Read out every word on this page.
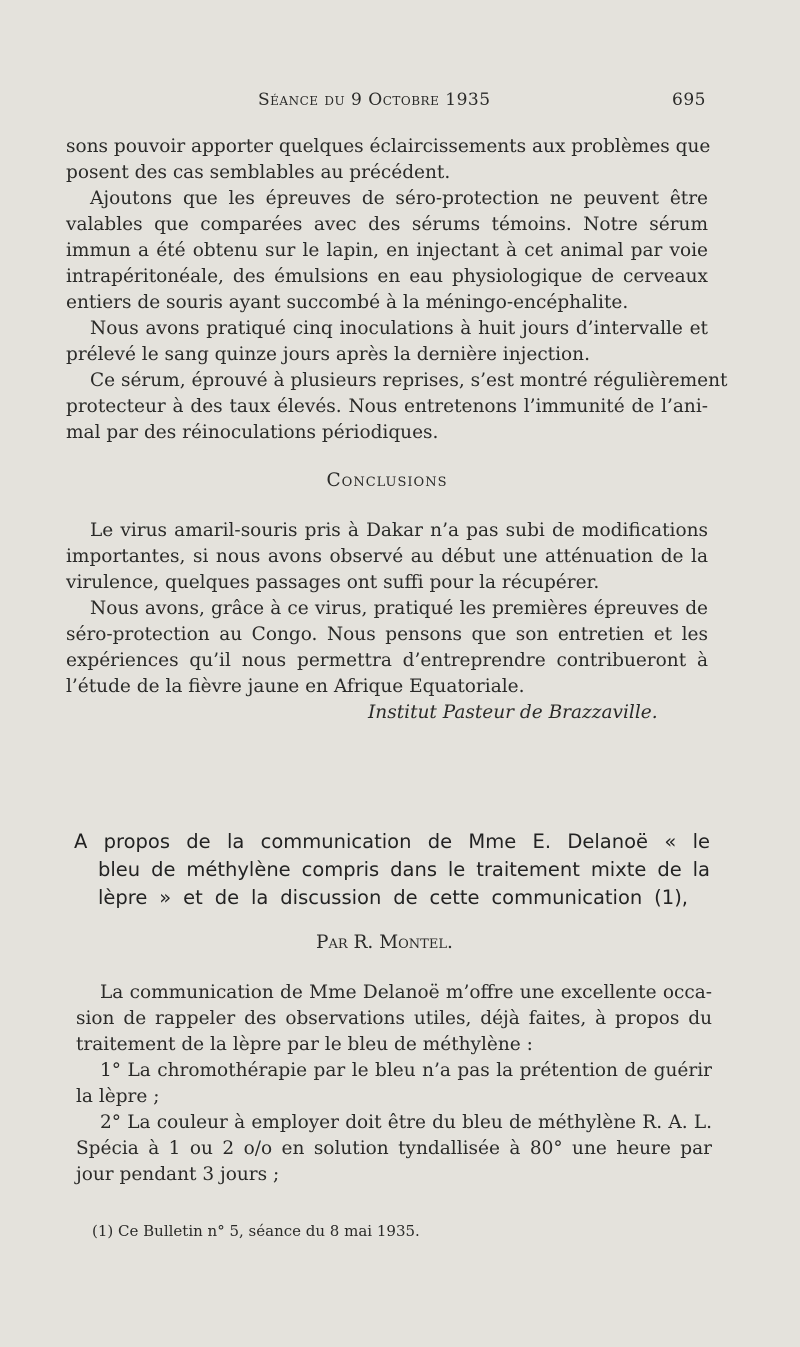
Séance du 9 Octobre 1935	695
sons pouvoir apporter quelques éclaircissements aux problèmes que
posent des cas semblables au précédent.
Ajoutons que les épreuves de séro-protection ne peuvent être
valables que comparées avec des sérums témoins. Notre sérum
immun a été obtenu sur le lapin, en injectant à cet animal par voie
intrapéritonéale, des émulsions en eau physiologique de cerveaux
entiers de souris ayant succombé à la méningo-encéphalite.
Nous avons pratiqué cinq inoculations à huit jours d’intervalle et
prélevé le sang quinze jours après la dernière injection.
Ce sérum, éprouvé à plusieurs reprises, s’est montré régulièrement
protecteur à des taux élevés. Nous entretenons l’immunité de l’ani-
mal par des réinoculations périodiques.
Conclusions
Le virus amaril-souris pris à Dakar n’a pas subi de modifications
importantes, si nous avons observé au début une atténuation de la
virulence, quelques passages ont suffi pour la récupérer.
Nous avons, grâce à ce virus, pratiqué les premières épreuves de
séro-protection au Congo. Nous pensons que son entretien et les
expériences qu’il nous permettra d’entreprendre contribueront à
l’étude de la fièvre jaune en Afrique Equatoriale.
Institut Pasteur de Brazzaville.
A propos de la communication de Mme E. Delanoë « le
bleu de méthylène compris dans le traitement mixte de la
lèpre » et de la discussion de cette communication (1),
Par R. Montel.
La communication de Mme Delanoë m’offre une excellente occa-
sion de rappeler des observations utiles, déjà faites, à propos du
traitement de la lèpre par le bleu de méthylène :
1° La chromothérapie par le bleu n’a pas la prétention de guérir
la lèpre ;
2° La couleur à employer doit être du bleu de méthylène R. A. L.
Spécia à 1 ou 2 o/o en solution tyndallisée à 80° une heure par
jour pendant 3 jours ;
(1) Ce Bulletin n° 5, séance du 8 mai 1935.
